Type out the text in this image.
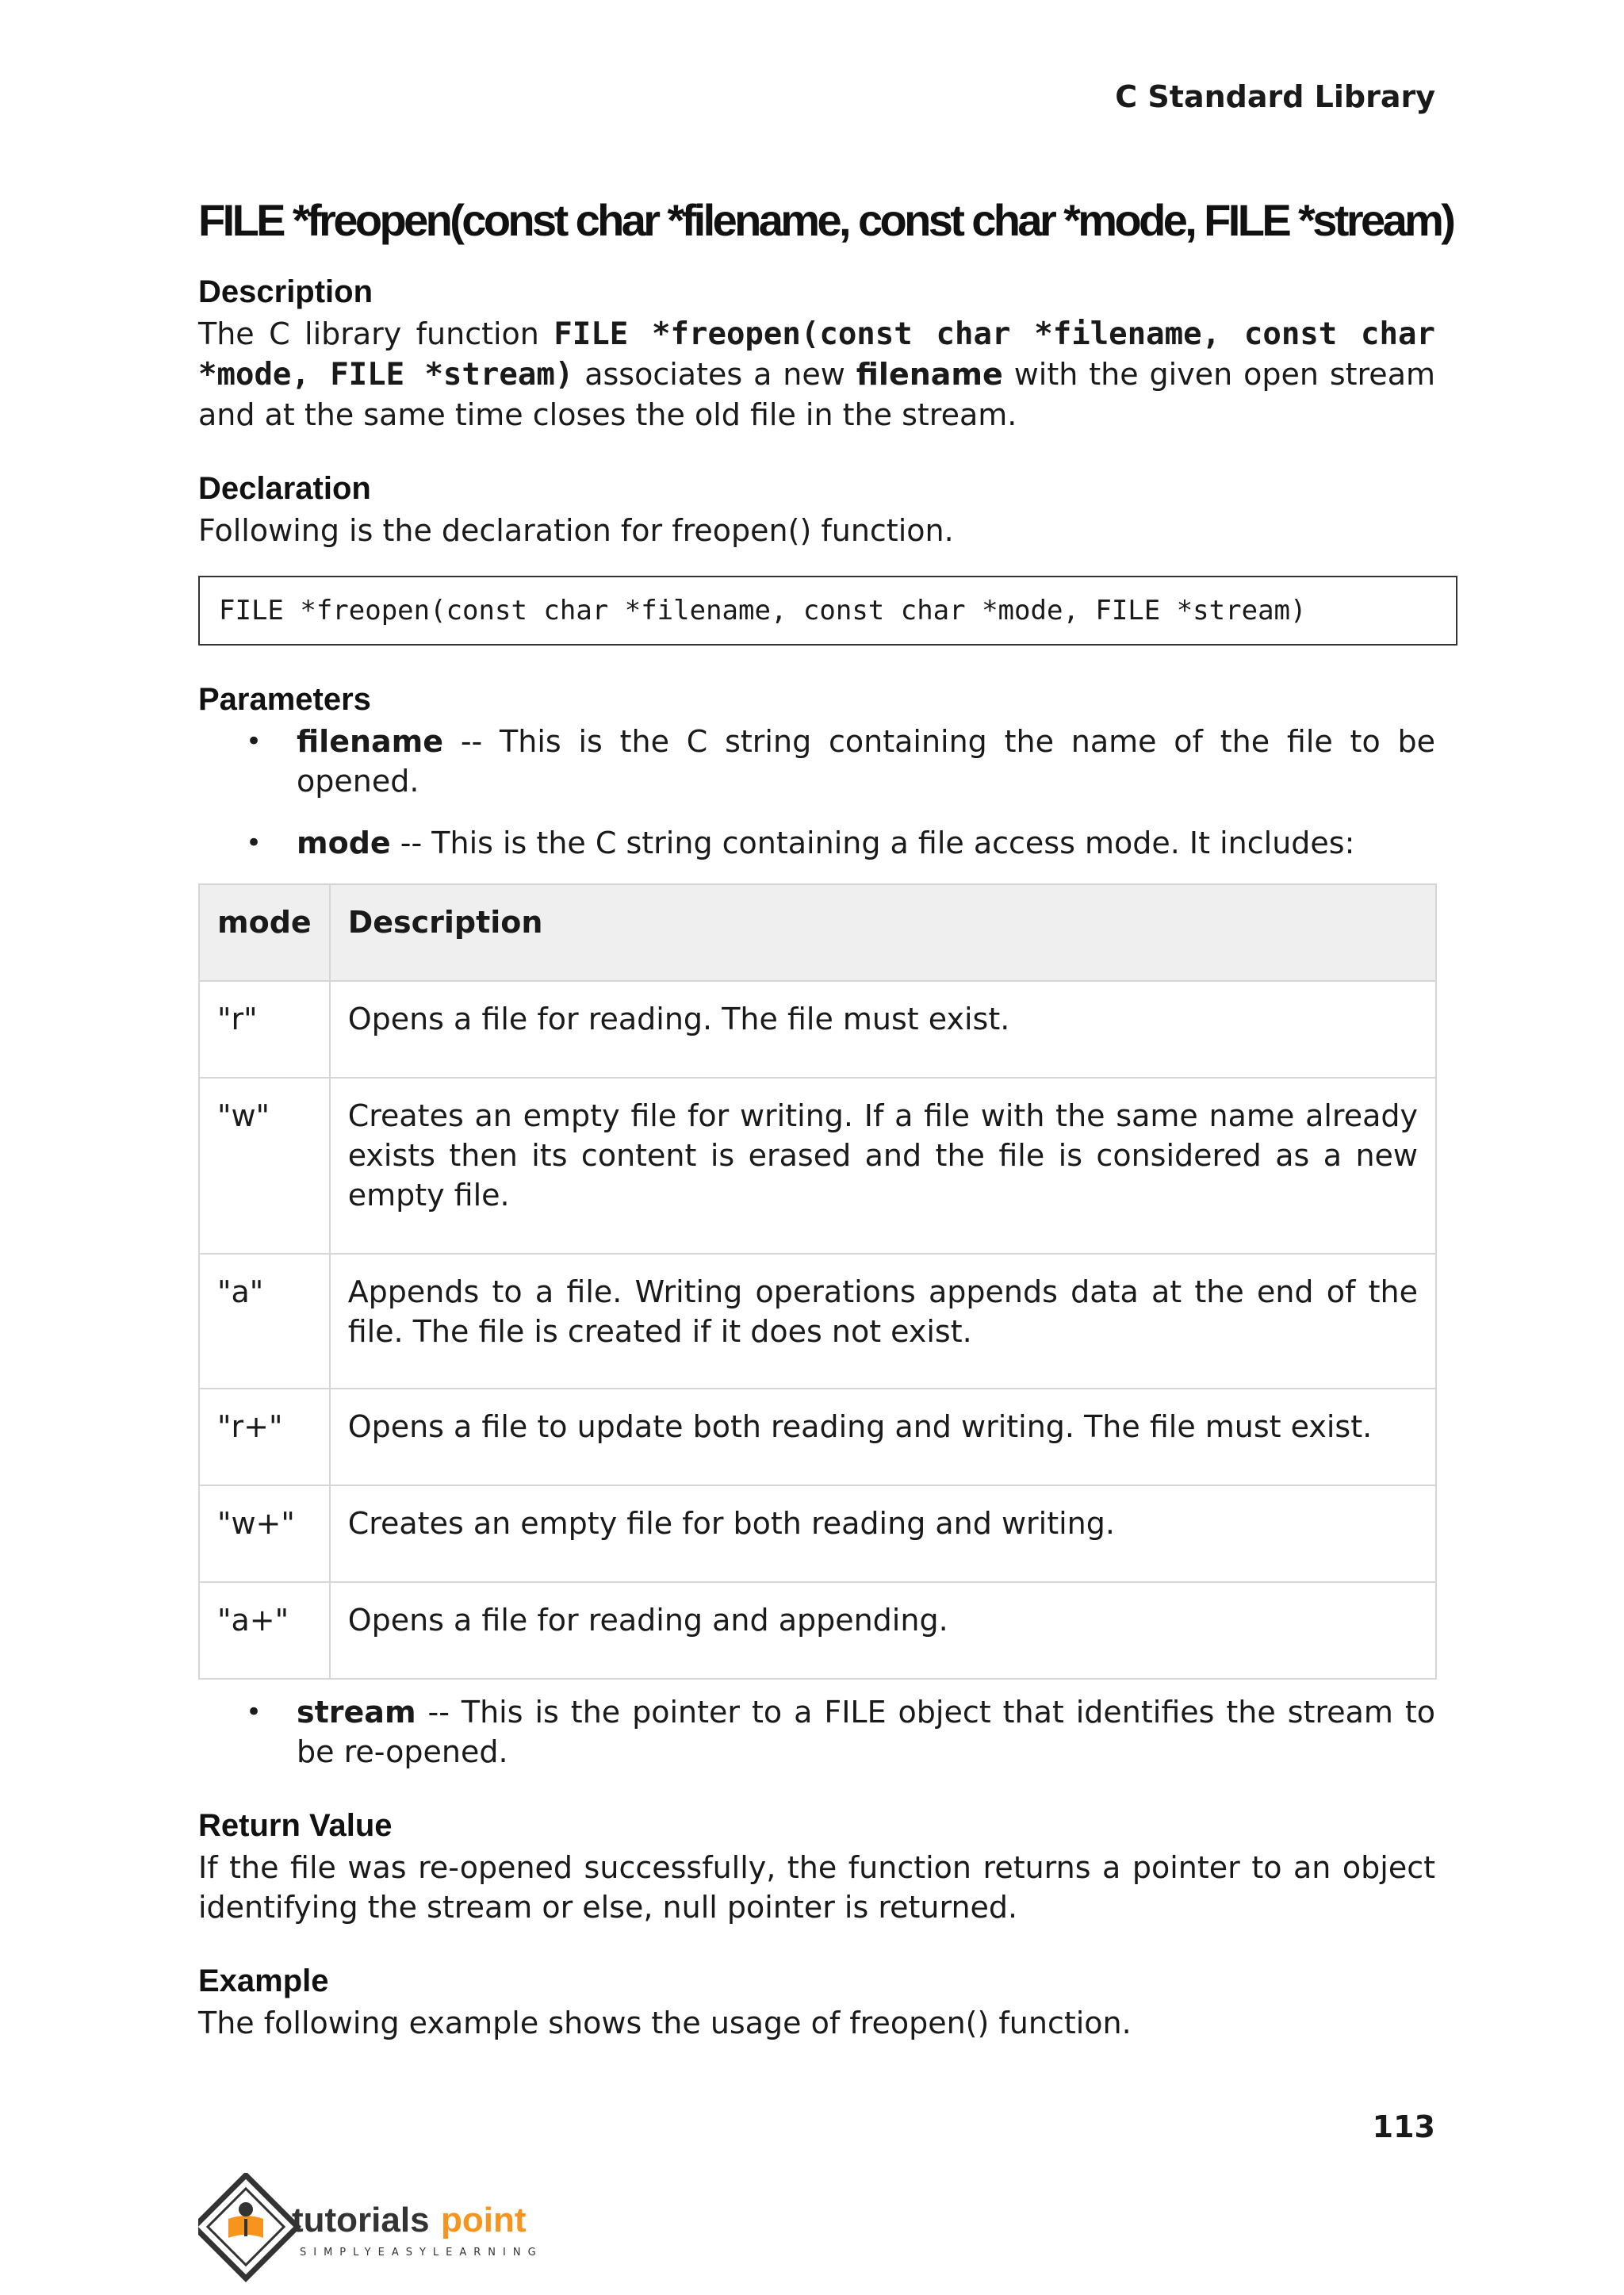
C Standard Library
FILE *freopen(const char *filename, const char *mode, FILE *stream)
Description

The C library function FILE *freopen(const char *filename, const char *mode, FILE *stream) associates a new filename with the given open stream and at the same time closes the old file in the stream.

Declaration

Following is the declaration for freopen() function.

FILE *freopen(const char *filename, const char *mode, FILE *stream)
Parameters
• filename -- This is the C string containing the name of the file to be opened.
• mode -- This is the C string containing a file access mode. It includes:
mode	Description
"r"	Opens a file for reading. The file must exist.
"w"	Creates an empty file for writing. If a file with the same name already exists then its content is erased and the file is considered as a new empty file.
"a"	Appends to a file. Writing operations appends data at the end of the file. The file is created if it does not exist.
"r+"	Opens a file to update both reading and writing. The file must exist.
"w+"	Creates an empty file for both reading and writing.
"a+"	Opens a file for reading and appending.
• stream -- This is the pointer to a FILE object that identifies the stream to be re-opened.
Return Value

If the file was re-opened successfully, the function returns a pointer to an object identifying the stream or else, null pointer is returned.

Example

The following example shows the usage of freopen() function.

113
tutorials point
SIMPLYEASYLEARNING
